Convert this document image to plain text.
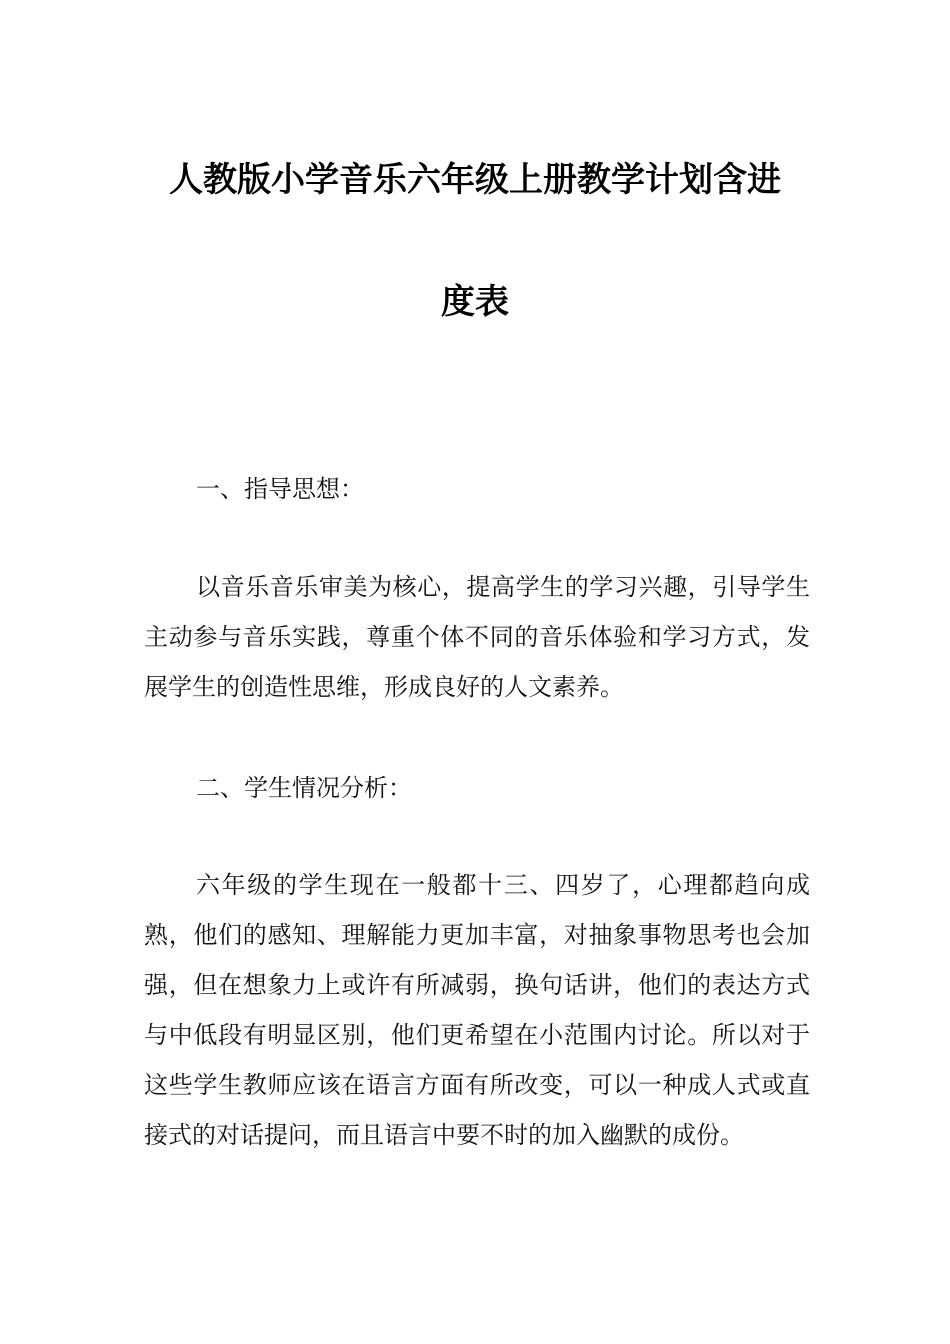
人教版小学音乐六年级上册教学计划含进
度表
一、指导思想：
以音乐音乐审美为核心，提高学生的学习兴趣，引导学生主动参与音乐实践，尊重个体不同的音乐体验和学习方式，发展学生的创造性思维，形成良好的人文素养。
二、学生情况分析：
六年级的学生现在一般都十三、四岁了，心理都趋向成熟，他们的感知、理解能力更加丰富，对抽象事物思考也会加强，但在想象力上或许有所减弱，换句话讲，他们的表达方式与中低段有明显区别，他们更希望在小范围内讨论。所以对于这些学生教师应该在语言方面有所改变，可以一种成人式或直接式的对话提问，而且语言中要不时的加入幽默的成份。
